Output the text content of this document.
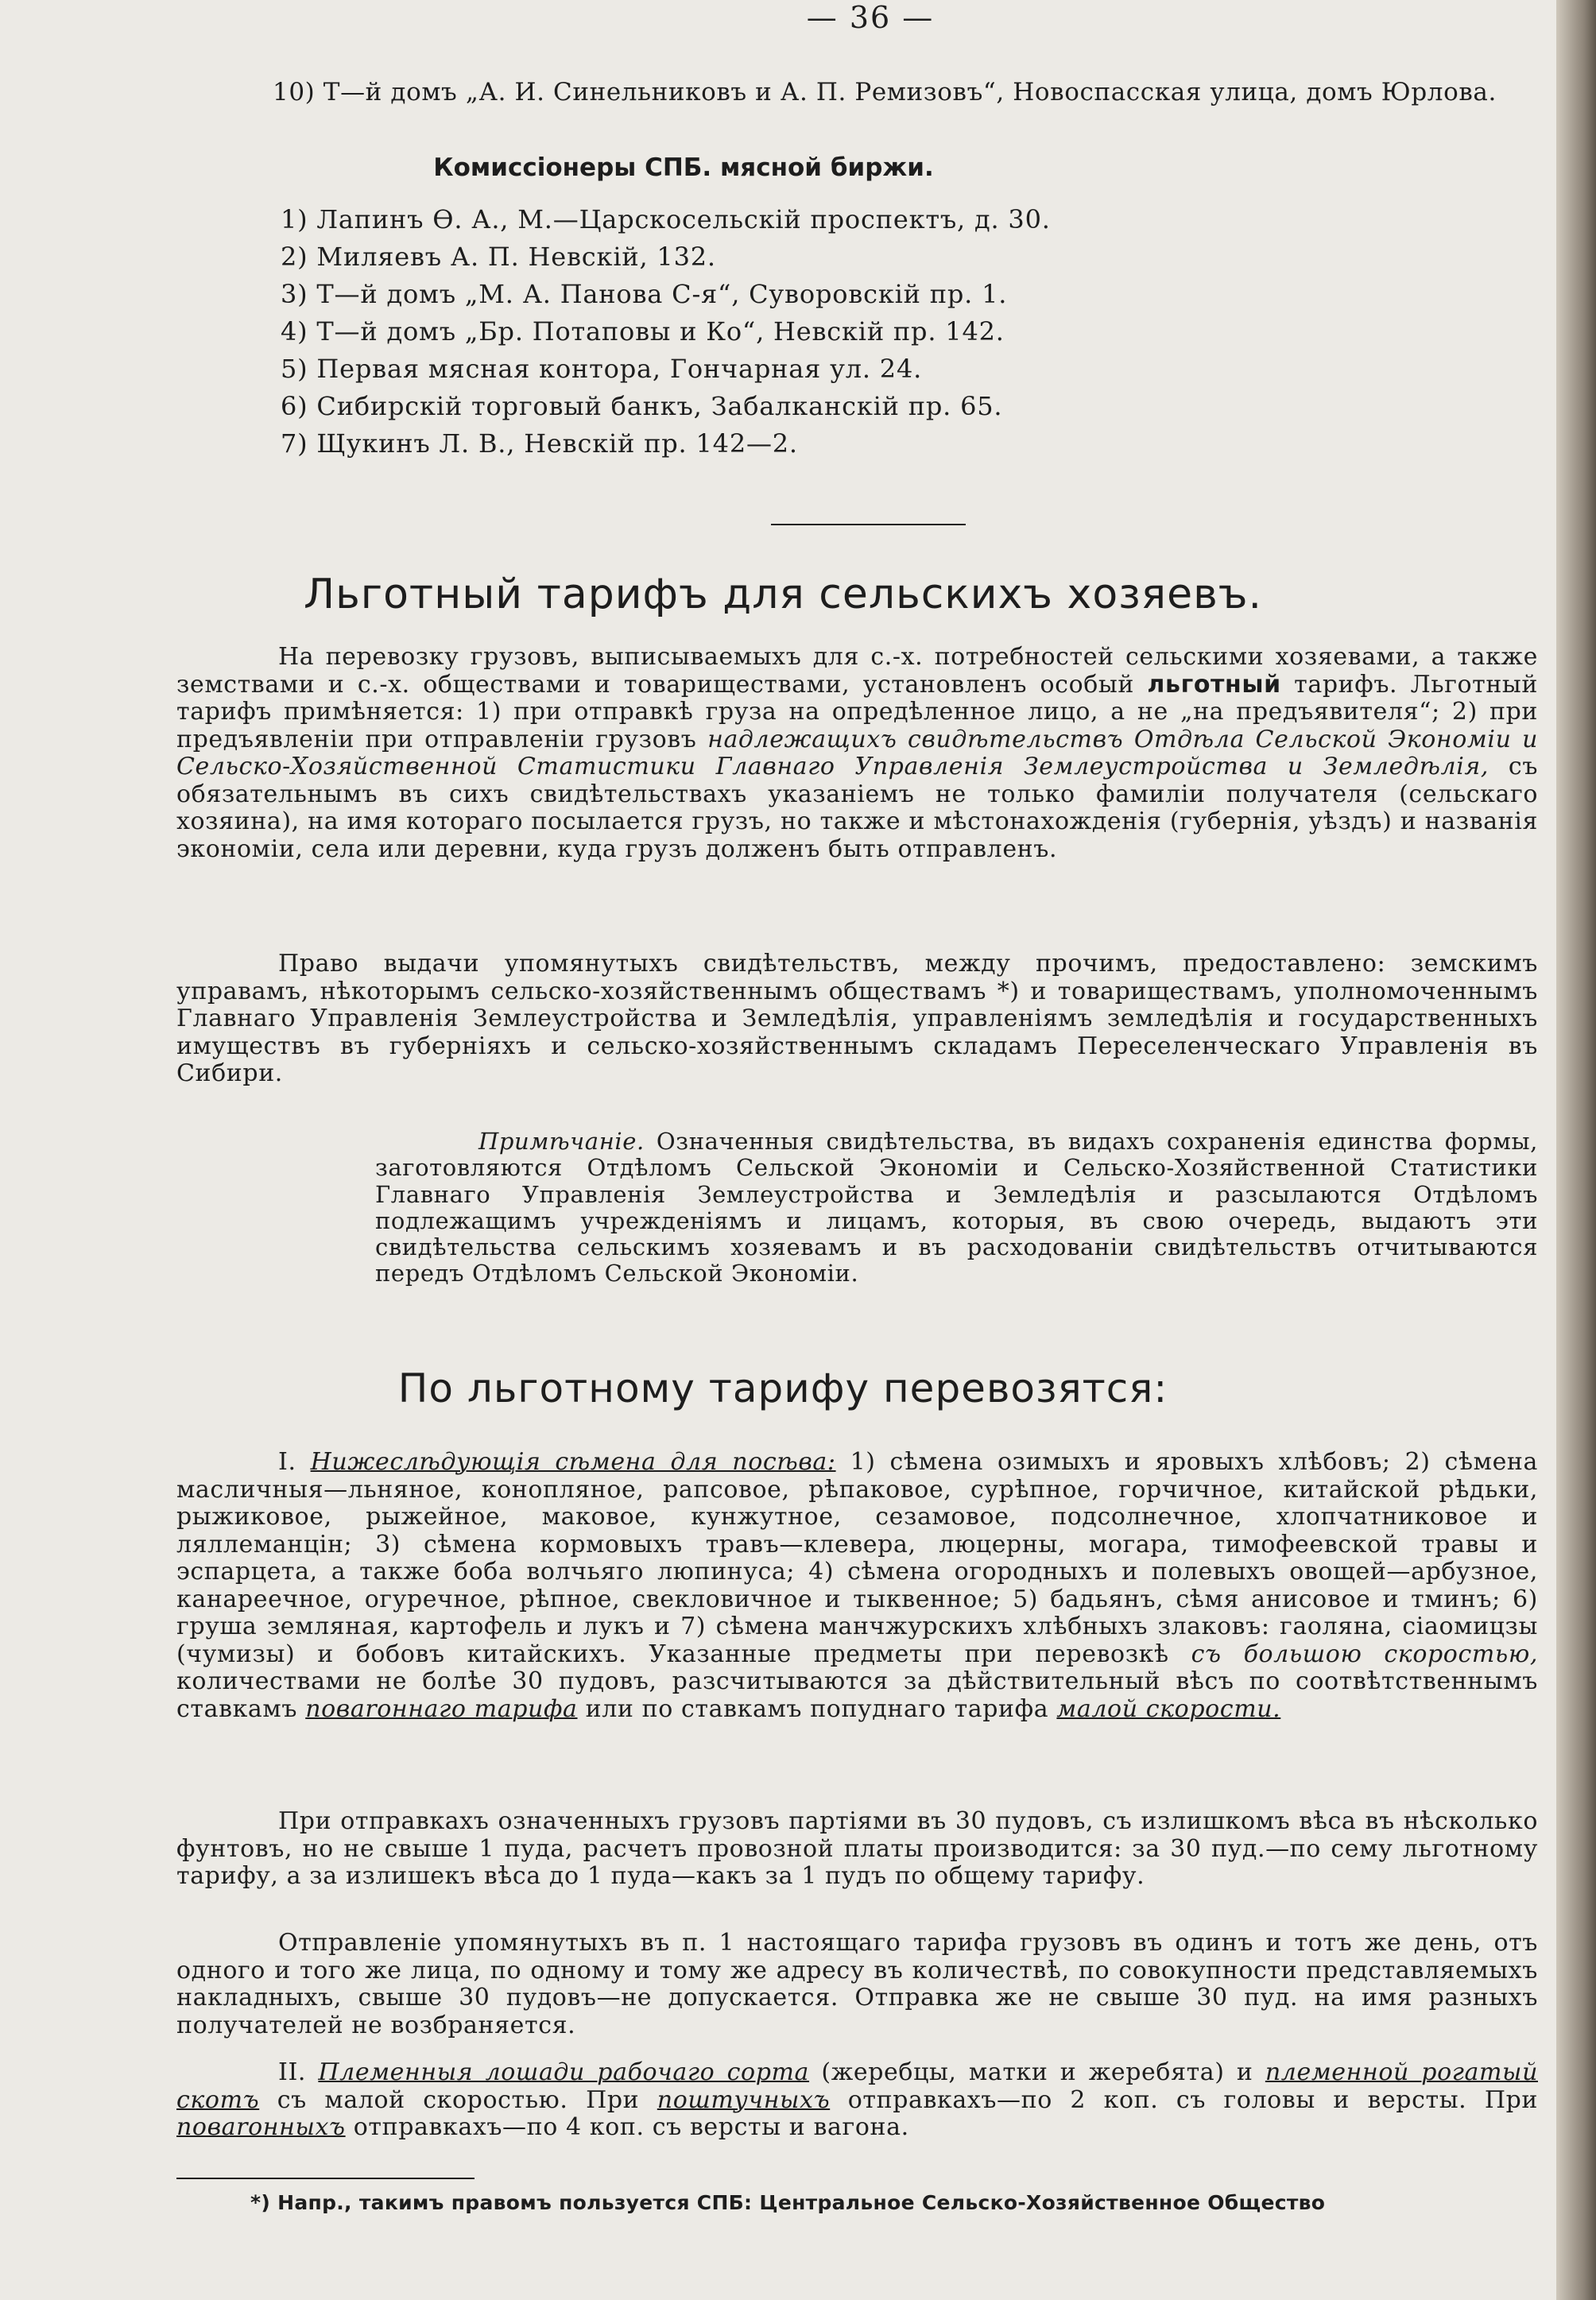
— 36 —

10) Т—й домъ „А. И. Синельниковъ и А. П. Ремизовъ“, Новоспасская улица, домъ Юрлова.

Комиссіонеры СПБ. мясной биржи.
1) Лапинъ Ѳ. А., М.—Царскосельскій проспектъ, д. 30.
2) Миляевъ А. П. Невскій, 132.
3) Т—й домъ „М. А. Панова С-я“, Суворовскій пр. 1.
4) Т—й домъ „Бр. Потаповы и Ко“, Невскій пр. 142.
5) Первая мясная контора, Гончарная ул. 24.
6) Сибирскій торговый банкъ, Забалканскій пр. 65.
7) Щукинъ Л. В., Невскій пр. 142—2.
Льготный тарифъ для сельскихъ хозяевъ.

На перевозку грузовъ, выписываемыхъ для с.-х. потребностей сельскими хозяевами, а также земствами и с.-х. обществами и товариществами, установленъ особый льготный тарифъ. Льготный тарифъ примѣняется: 1) при отправкѣ груза на опредѣленное лицо, а не „на предъявителя“; 2) при предъявленіи при отправленіи грузовъ надлежащихъ свидѣтельствъ Отдѣла Сельской Экономіи и Сельско-Хозяйственной Статистики Главнаго Управленія Землеустройства и Земледѣлія, съ обязательнымъ въ сихъ свидѣтельствахъ указаніемъ не только фамиліи получателя (сельскаго хозяина), на имя котораго посылается грузъ, но также и мѣстонахожденія (губернія, уѣздъ) и названія экономіи, села или деревни, куда грузъ долженъ быть отправленъ.

Право выдачи упомянутыхъ свидѣтельствъ, между прочимъ, предоставлено: земскимъ управамъ, нѣкоторымъ сельско-хозяйственнымъ обществамъ *) и товариществамъ, уполномоченнымъ Главнаго Управленія Землеустройства и Земледѣлія, управленіямъ земледѣлія и государственныхъ имуществъ въ губерніяхъ и сельско-хозяйственнымъ складамъ Переселенческаго Управленія въ Сибири.

Примѣчаніе. Означенныя свидѣтельства, въ видахъ сохраненія единства формы, заготовляются Отдѣломъ Сельской Экономіи и Сельско-Хозяйственной Статистики Главнаго Управленія Землеустройства и Земледѣлія и разсылаются Отдѣломъ подлежащимъ учрежденіямъ и лицамъ, которыя, въ свою очередь, выдаютъ эти свидѣтельства сельскимъ хозяевамъ и въ расходованіи свидѣтельствъ отчитываются передъ Отдѣломъ Сельской Экономіи.

По льготному тарифу перевозятся:

I. Нижеслѣдующія сѣмена для посѣва: 1) сѣмена озимыхъ и яровыхъ хлѣбовъ; 2) сѣмена масличныя—льняное, конопляное, рапсовое, рѣпаковое, сурѣпное, горчичное, китайской рѣдьки, рыжиковое, рыжейное, маковое, кунжутное, сезамовое, подсолнечное, хлопчатниковое и ляллеманцін; 3) сѣмена кормовыхъ травъ—клевера, люцерны, могара, тимофеевской травы и эспарцета, а также боба волчьяго люпинуса; 4) сѣмена огородныхъ и полевыхъ овощей—арбузное, канареечное, огуречное, рѣпное, свекловичное и тыквенное; 5) бадьянъ, сѣмя анисовое и тминъ; 6) груша земляная, картофель и лукъ и 7) сѣмена манчжурскихъ хлѣбныхъ злаковъ: гаоляна, сіаомицзы (чумизы) и бобовъ китайскихъ. Указанные предметы при перевозкѣ съ большою скоростью, количествами не болѣе 30 пудовъ, разсчитываются за дѣйствительный вѣсъ по соотвѣтственнымъ ставкамъ поваrоннаго тарифа или по ставкамъ попуднаго тарифа малой скорости.

При отправкахъ означенныхъ грузовъ партіями въ 30 пудовъ, съ излишкомъ вѣса въ нѣсколько фунтовъ, но не свыше 1 пуда, расчетъ провозной платы производится: за 30 пуд.—по сему льготному тарифу, а за излишекъ вѣса до 1 пуда—какъ за 1 пудъ по общему тарифу.

Отправленіе упомянутыхъ въ п. 1 настоящаго тарифа грузовъ въ одинъ и тотъ же день, отъ одного и того же лица, по одному и тому же адресу въ количествѣ, по совокупности представляемыхъ накладныхъ, свыше 30 пудовъ—не допускается. Отправка же не свыше 30 пуд. на имя разныхъ получателей не возбраняется.

II. Племенныя лошади рабочаго сорта (жеребцы, матки и жеребята) и племенной рогатый скотъ съ малой скоростью. При поштучныхъ отправкахъ—по 2 коп. съ головы и версты. При поваrонныхъ отправкахъ—по 4 коп. съ версты и вагона.

*) Напр., такимъ правомъ пользуется СПБ: Центральное Сельско-Хозяйственное Общество
